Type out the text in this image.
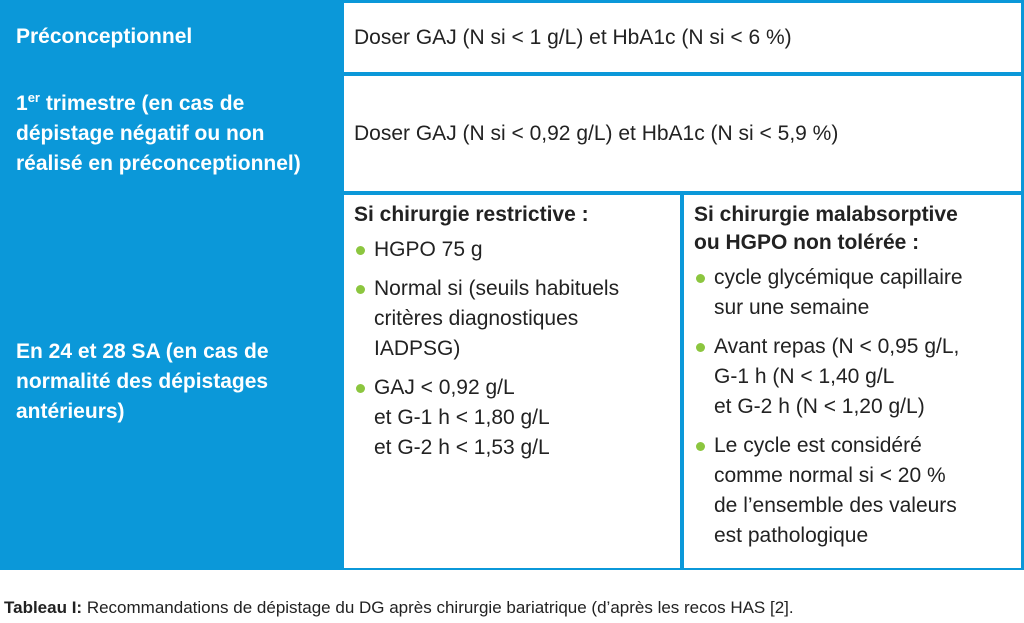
Préconceptionnel	Doser GAJ (N si < 1 g/L) et HbA1c (N si < 6 %)
1er trimestre (en cas de
dépistage négatif ou non
réalisé en préconceptionnel)
Doser GAJ (N si < 0,92 g/L) et HbA1c (N si < 5,9 %)
En 24 et 28 SA (en cas de
normalité des dépistages
antérieurs)
Si chirurgie restrictive :
HGPO 75 g
Normal si (seuils habituels
critères diagnostiques
IADPSG)
GAJ < 0,92 g/L
et G-1 h < 1,80 g/L
et G-2 h < 1,53 g/L
Si chirurgie malabsorptive
ou HGPO non tolérée :
cycle glycémique capillaire
sur une semaine
Avant repas (N < 0,95 g/L,
G-1 h (N < 1,40 g/L
et G-2 h (N < 1,20 g/L)
Le cycle est considéré
comme normal si < 20 %
de l’ensemble des valeurs
est pathologique
Tableau I: Recommandations de dépistage du DG après chirurgie bariatrique (d’après les recos HAS [2].
